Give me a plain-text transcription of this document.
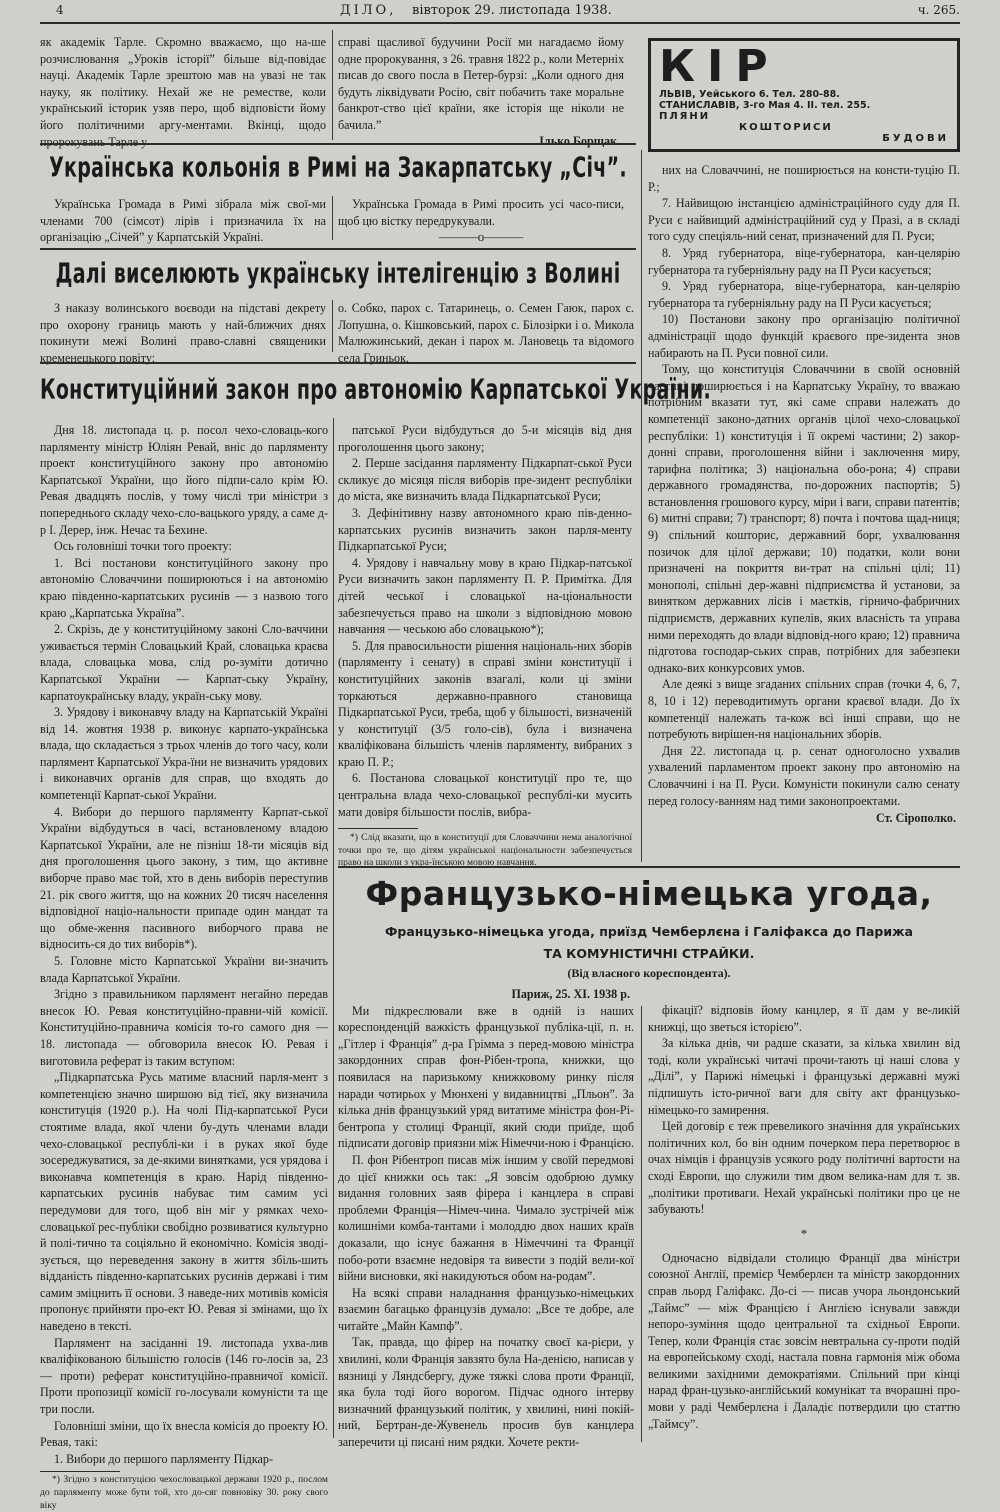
4	ДІЛО, вівторок 29. листопада 1938.	ч. 265.

як академік Тарле. Скромно вважаємо, що на-ше розчислювання „Уроків історії” більше від-повідає науці. Академік Тарле зрештою мав на увазі не так науку, як політику. Нехай же не реместве, коли український історик узяв перо, щоб відповісти йому його політичними аргу-ментами. Вкінці, щодо пророкувань Тарле у

справі щасливої будучини Росії ми нагадаємо йому одне пророкування, з 26. травня 1822 р., коли Метерніх писав до свого посла в Петер-бурзі: „Коли одного дня будуть ліквідувати Росію, світ побачить таке моральне банкрот-ство цієї країни, яке історія ще ніколи не бачила.”

Ілько Борщак.

КІР
ЛЬВІВ, Уейського 6. Тел. 280-88.
СТАНИСЛАВІВ, 3-го Мая 4. II. тел. 255.
ПЛЯНИ
КОШТОРИСИ
БУДОВИ
Українська кольонія в Римі на Закарпатську „Січ”.

Українська Громада в Римі зібрала між свої-ми членами 700 (сімсот) лірів і призначила їх на організацію „Січей” у Карпатській Україні.

Українська Громада в Римі просить усі часо-писи, щоб цю вістку передрукували.

———o———
Далі виселюють українську інтелігенцію з Волині

З наказу волинського воєводи на підставі декрету про охорону границь мають у най-ближчих днях покинути межі Волині право-славні священики кременецького повіту:

о. Собко, парох с. Татаринець, о. Семен Гаюк, парох с. Лопушна, о. Кішковський, парох с. Білозірки і о. Микола Малюжинський, декан і парох м. Лановець та відомого села Гриньок.

Конституційний закон про автономію Карпатської України.

Дня 18. листопада ц. р. посол чехо-словаць-кого парляменту міністр Юліян Ревай, вніс до парляменту проект конституційного закону про автономію Карпатської України, що його підпи-сало крім Ю. Ревая двадцять послів, у тому числі три міністри з попереднього складу чехо-сло-вацького уряду, а саме д-р І. Дерер, інж. Нечас та Бехине.

Ось головніші точки того проекту:

1. Всі постанови конституційного закону про автономію Словаччини поширюються і на автономію краю південно-карпатських русинів — з назвою того краю „Карпатська Україна”.

2. Скрізь, де у конституційному законі Сло-ваччини уживається термін Словацький Край, словацька краєва влада, словацька мова, слід ро-зуміти дотично Карпатської України — Карпат-ську Україну, карпатоукраїнську владу, україн-ську мову.

3. Урядову і виконавчу владу на Карпатській Україні від 14. жовтня 1938 р. виконує карпато-українська влада, що складається з трьох членів до того часу, коли парлямент Карпатської Укра-їни не визначить урядових і виконавчих органів для справ, що входять до компетенції Карпат-ської України.

4. Вибори до першого парляменту Карпат-ської України відбудуться в часі, встановленому владою Карпатської України, але не пізніш 18-ти місяців від дня проголошення цього закону, з тим, що активне виборче право має той, хто в день виборів переступив 21. рік свого життя, що на кожних 20 тисяч населення відповідної націо-нальности припаде один мандат та що обме-ження пасивного виборчого права не відносить-ся до тих виборів*).

5. Головне місто Карпатської України ви-значить влада Карпатської України.

Згідно з правильником парлямент негайно передав внесок Ю. Ревая конституційно-правни-чій комісії. Конституційно-правнича комісія то-го самого дня — 18. листопада — обговорила внесок Ю. Ревая і виготовила реферат із таким вступом:

„Підкарпатська Русь матиме власний парля-мент з компетенцією значно ширшою від тієї, яку визначила конституція (1920 р.). На чолі Під-карпатської Руси стоятиме влада, якої члени бу-дуть членами влади чехо-словацької республі-ки і в руках якої буде зосереджуватися, за де-якими винятками, уся урядова і виконавча компетенція в краю. Нарід південно-карпатських русинів набуває тим самим усі передумови для того, щоб він міг у рямках чехо-словацької рес-публіки свобідно розвиватися культурно й полі-тично та соціяльно й економічно. Комісія зводі-зується, що переведення закону в життя збіль-шить відданість південно-карпатських русинів державі і тим самим зміцнить її основи. З наведе-них мотивів комісія пропонує прийняти про-ект Ю. Ревая зі змінами, що їх наведено в тексті.

Парлямент на засіданні 19. листопада ухва-лив кваліфікованою більшістю голосів (146 го-лосів за, 23 — проти) реферат конституційно-правничої комісії. Проти пропозиції комісії го-лосували комуністи та ще три посли.

Головніші зміни, що їх внесла комісія до проекту Ю. Ревая, такі:

1. Вибори до першого парляменту Підкар-

*) Згідно з конституцією чехословацької держави 1920 р., послом до парляменту може бути той, хто до-сяг повновіку 30. року свого віку

патської Руси відбудуться до 5-и місяців від дня проголошення цього закону;

2. Перше засідання парляменту Підкарпат-ської Руси скликує до місяця після виборів пре-зидент республіки до міста, яке визначить влада Підкарпатської Руси;

3. Дефінітивну назву автономного краю пів-денно-карпатських русинів визначить закон парля-менту Підкарпатської Руси;

4. Урядову і навчальну мову в краю Підкар-патської Руси визначить закон парляменту П. Р. Примітка. Для дітей чеської і словацької на-ціональности забезпечується право на школи з відповідною мовою навчання — чеською або словацькою*);

5. Для правосильности рішення національ-них зборів (парляменту і сенату) в справі зміни конституції і конституційних законів взагалі, коли ці зміни торкаються державно-правного становища Підкарпатської Руси, треба, щоб у більшості, визначеній у конституції (3/5 голо-сів), була і визначена кваліфікована більшість членів парляменту, вибраних з краю П. Р.;

6. Постанова словацької конституції про те, що центральна влада чехо-словацької республі-ки мусить мати довіря більшости послів, вибра-

*) Слід вказати, що в конституції для Словаччини нема аналогічної точки про те, що дітям української національности забезпечується право на школи з укра-їнською мовою навчання.

них на Словаччині, не поширюється на консти-туцію П. Р.;

7. Найвищою інстанцією адміністраційного суду для П. Руси є найвищий адміністраційний суд у Празі, а в складі того суду спеціяль-ний сенат, призначений для П. Руси;

8. Уряд губернатора, віце-губернатора, кан-целярію губернатора та губерніяльну раду на П Руси касується;

9. Уряд губернатора, віце-губернатора, кан-целярію губернатора та губерніяльну раду на П Руси касується;

10) Постанови закону про організацію політичної адміністрації щодо функцій краєвого пре-зидента знов набирають на П. Руси повної сили.

Тому, що конституція Словаччини в своїй основній частині поширюється і на Карпатську Україну, то вважаю потрібним вказати тут, які саме справи належать до компетенції законо-датних органів цілої чехо-словацької республіки: 1) конституція і її окремі частини; 2) закор-донні справи, проголошення війни і заключення миру, тарифна політика; 3) національна обо-рона; 4) справи державного громадянства, по-дорожних паспортів; 5) встановлення грошового курсу, міри і ваги, справи патентів; 6) митні справи; 7) транспорт; 8) почта і почтова щад-ниця; 9) спільний кошторис, державний борг, ухвалювання позичок для цілої держави; 10) податки, коли вони призначені на покриття ви-трат на спільні цілі; 11) монополі, спільні дер-жавні підприємства й установи, за винятком державних лісів і маєтків, гірничо-фабричних підприємств, державних купелів, яких власність та управа ними переходять до влади відповід-ного краю; 12) правнича підготова господар-ських справ, потрібних для забезпеки однако-вих конкурсових умов.

Але деякі з вище згаданих спільних справ (точки 4, 6, 7, 8, 10 і 12) переводитимуть органи краєвої влади. До їх компетенції належать та-кож всі інші справи, що не потребують вирішен-ня національних зборів.

Дня 22. листопада ц. р. сенат одноголосно ухвалив ухвалений парламентом проект закону про автономію на Словаччині і на П. Руси. Комуністи покинули салю сенату перед голосу-ванням над тими законопроектами.

Ст. Сірополко.

Французько-німецька угода,
Французько-німецька угода, приїзд Чемберлєна і Галіфакса до Парижа
ТА КОМУНІСТИЧНІ СТРАЙКИ.
(Від власного кореспондента).

Париж, 25. XI. 1938 р.

Ми підкреслювали вже в одній із наших кореспонденцій важкість французької публіка-ції, п. н. „Гітлер і Франція” д-ра Грімма з перед-мовою міністра закордонних справ фон-Рібен-тропа, книжки, що появилася на паризькому книжковому ринку після наради чотирьох у Мюнхені у видавництві „Пльон”. За кілька днів французький уряд витатиме міністра фон-Рі-бентропа у столиці Франції, який сюди приїде, щоб підписати договір приязни між Німеччи-ною і Францією.

П. фон Рібентроп писав між іншим у своїй передмові до цієї книжки ось так: „Я зовсім одобрюю думку видання головних заяв фірера і канцлера в справі проблеми Франція—Німеч-чина. Чимало зустрічей між колишніми комба-тантами і молоддю двох наших країв доказали, що існує бажання в Німеччині та Франції побо-роти взаємне недовіря та вивести з подій вели-кої війни висновки, які накидуються обом на-родам”.

На всякі справи наладнання французько-німецьких взаємин багацько французів думало: „Все те добре, але читайте „Майн Кампф”.

Так, правда, що фірер на початку своєї ка-рієри, у хвилині, коли Франція завзято була На-денією, написав у вязниці у Ляндсбергу, дуже тяжкі слова проти Франції, яка була тоді його ворогом. Підчас одного інтерву визначний французький політик, у хвилині, нині покій-ний, Бертран-де-Жувенель просив був канцлера заперечити ці писані ним рядки. Хочете ректи-

фікації? відповів йому канцлер, я її дам у ве-ликій книжці, що зветься історією”.

За кілька днів, чи радше сказати, за кілька хвилин від тоді, коли українські читачі прочи-тають ці наші слова у „Ділі”, у Парижі німецькі і французькі державні мужі підпишуть істо-ричної ваги для світу акт французько-німецько-го замирення.

Цей договір є теж превеликого значіння для українських політичних кол, бо він одним почерком пера перетворює в очах німців і французів усякого роду політичні вартости на сході Европи, що служили тим двом велика-нам для т. зв. „політики противаги. Нехай українські політики про це не забувають!

*

Одночасно відвідали столицю Франції два міністри союзної Англії, премієр Чемберлєн та міністр закордонних справ льорд Галіфакс. До-сі — писав учора льондонський „Таймс” — між Францією і Англією існували завжди непоро-зуміння щодо центральної та східньої Европи. Тепер, коли Франція стає зовсім невтральна су-проти подій на европейському сході, настала повна гармонія між обома великими західними демократіями. Спільний при кінці нарад фран-цузько-англійський комунікат та вчорашні про-мови у раді Чемберлєна і Даладіє потвердили цю статтю „Таймсу”.
